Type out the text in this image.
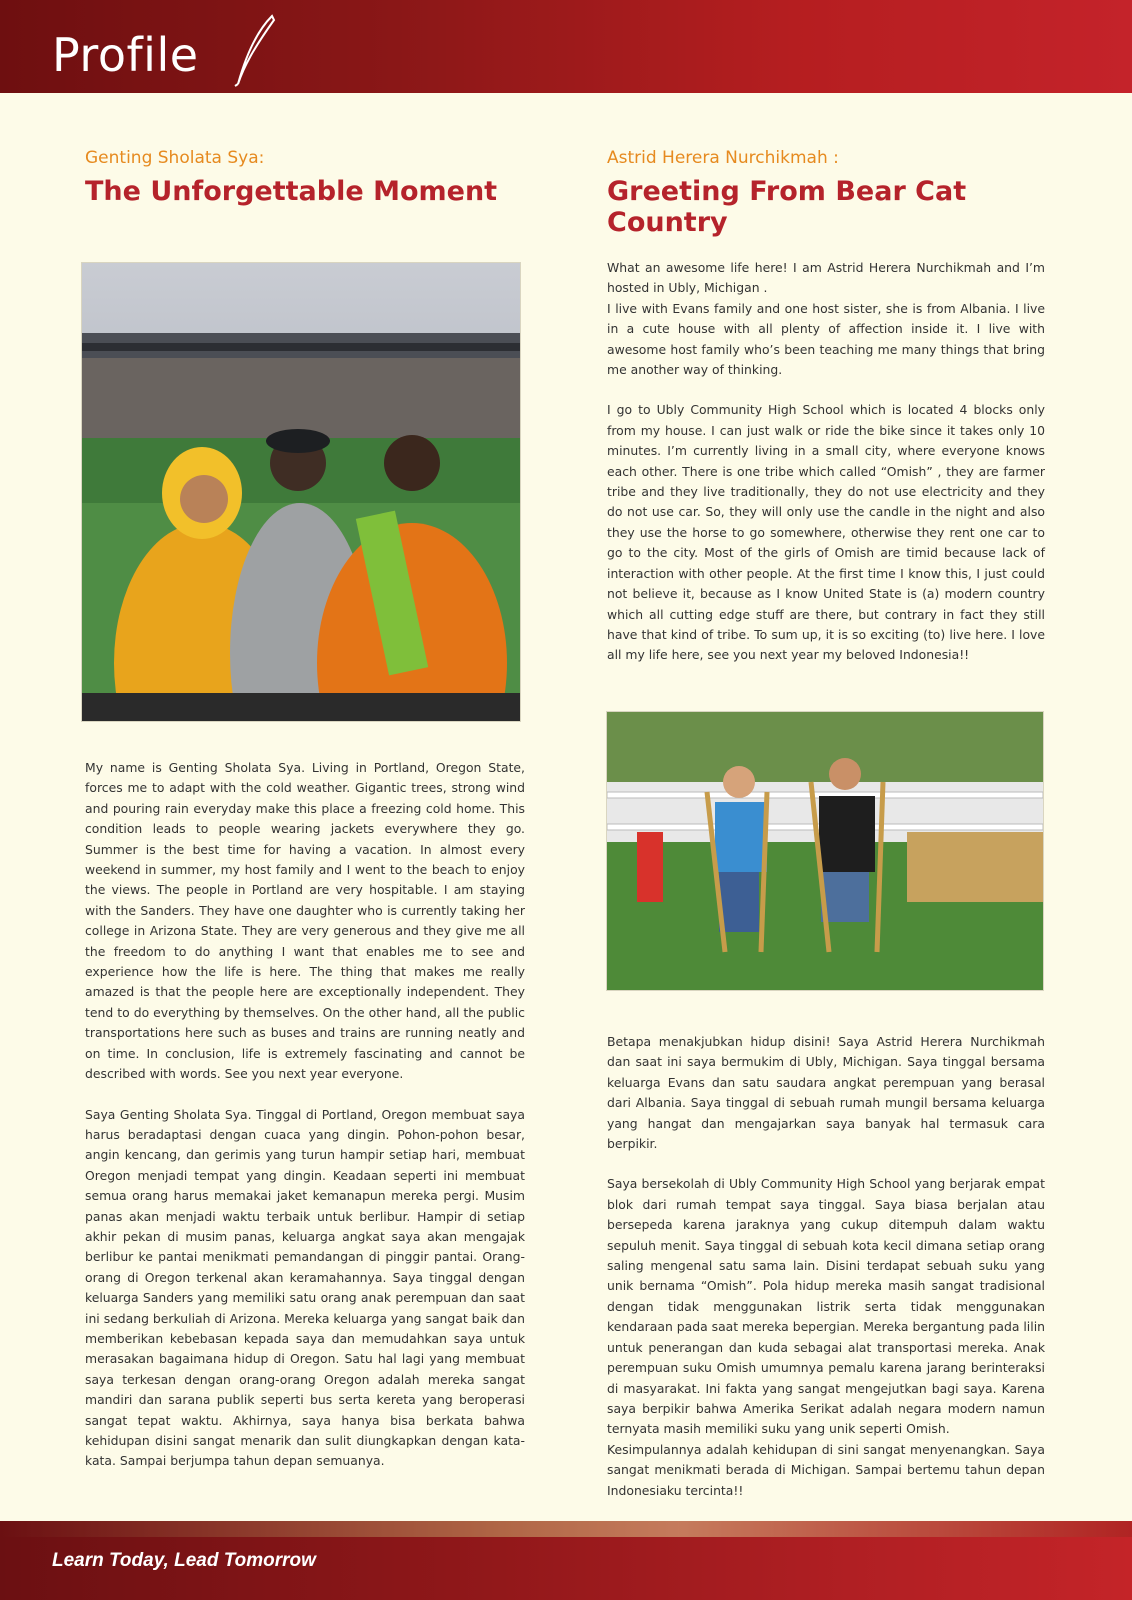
Profile

Genting Sholata Sya:

The Unforgettable Moment

My name is Genting Sholata Sya. Living in Portland, Oregon State, forces me to adapt with the cold weather. Gigantic trees, strong wind and pouring rain everyday make this place a freezing cold home. This condition leads to people wearing jackets everywhere they go. Summer is the best time for having a vacation. In almost every weekend in summer, my host family and I went to the beach to enjoy the views. The people in Portland are very hospitable. I am staying with the Sanders. They have one daughter who is currently taking her college in Arizona State. They are very generous and they give me all the freedom to do anything I want that enables me to see and experience how the life is here. The thing that makes me really amazed is that the people here are exceptionally independent. They tend to do everything by themselves. On the other hand, all the public transportations here such as buses and trains are running neatly and on time. In conclusion, life is extremely fascinating and cannot be described with words. See you next year everyone.

Saya Genting Sholata Sya. Tinggal di Portland, Oregon membuat saya harus beradaptasi dengan cuaca yang dingin. Pohon-pohon besar, angin kencang, dan gerimis yang turun hampir setiap hari, membuat Oregon menjadi tempat yang dingin. Keadaan seperti ini membuat semua orang harus memakai jaket kemanapun mereka pergi. Musim panas akan menjadi waktu terbaik untuk berlibur. Hampir di setiap akhir pekan di musim panas, keluarga angkat saya akan mengajak berlibur ke pantai menikmati pemandangan di pinggir pantai. Orang-orang di Oregon terkenal akan keramahannya. Saya tinggal dengan keluarga Sanders yang memiliki satu orang anak perempuan dan saat ini sedang berkuliah di Arizona. Mereka keluarga yang sangat baik dan memberikan kebebasan kepada saya dan memudahkan saya untuk merasakan bagaimana hidup di Oregon. Satu hal lagi yang membuat saya terkesan dengan orang-orang Oregon adalah mereka sangat mandiri dan sarana publik seperti bus serta kereta yang beroperasi sangat tepat waktu. Akhirnya, saya hanya bisa berkata bahwa kehidupan disini sangat menarik dan sulit diungkapkan dengan kata-kata. Sampai berjumpa tahun depan semuanya.

Astrid Herera Nurchikmah :

Greeting From Bear Cat Country

What an awesome life here! I am Astrid Herera Nurchikmah and I’m hosted in Ubly, Michigan .

I live with Evans family and one host sister, she is from Albania. I live in a cute house with all plenty of affection inside it. I live with awesome host family who’s been teaching me many things that bring me another way of thinking.

I go to Ubly Community High School which is located 4 blocks only from my house. I can just walk or ride the bike since it takes only 10 minutes. I’m currently living in a small city, where everyone knows each other. There is one tribe which called “Omish” , they are farmer tribe and they live traditionally, they do not use electricity and they do not use car. So, they will only use the candle in the night and also they use the horse to go somewhere, otherwise they rent one car to go to the city. Most of the girls of Omish are timid because lack of interaction with other people. At the first time I know this, I just could not believe it, because as I know United State is (a) modern country which all cutting edge stuff are there, but contrary in fact they still have that kind of tribe. To sum up, it is so exciting (to) live here. I love all my life here, see you next year my beloved Indonesia!!

Betapa menakjubkan hidup disini! Saya Astrid Herera Nurchikmah dan saat ini saya bermukim di Ubly, Michigan. Saya tinggal bersama keluarga Evans dan satu saudara angkat perempuan yang berasal dari Albania. Saya tinggal di sebuah rumah mungil bersama keluarga yang hangat dan mengajarkan saya banyak hal termasuk cara berpikir.

Saya bersekolah di Ubly Community High School yang berjarak empat blok dari rumah tempat saya tinggal. Saya biasa berjalan atau bersepeda karena jaraknya yang cukup ditempuh dalam waktu sepuluh menit. Saya tinggal di sebuah kota kecil dimana setiap orang saling mengenal satu sama lain. Disini terdapat sebuah suku yang unik bernama “Omish”. Pola hidup mereka masih sangat tradisional dengan tidak menggunakan listrik serta tidak menggunakan kendaraan pada saat mereka bepergian. Mereka bergantung pada lilin untuk penerangan dan kuda sebagai alat transportasi mereka. Anak perempuan suku Omish umumnya pemalu karena jarang berinteraksi di masyarakat. Ini fakta yang sangat mengejutkan bagi saya. Karena saya berpikir bahwa Amerika Serikat adalah negara modern namun ternyata masih memiliki suku yang unik seperti Omish.

Kesimpulannya adalah kehidupan di sini sangat menyenangkan. Saya sangat menikmati berada di Michigan. Sampai bertemu tahun depan Indonesiaku tercinta!!

Learn Today, Lead Tomorrow
